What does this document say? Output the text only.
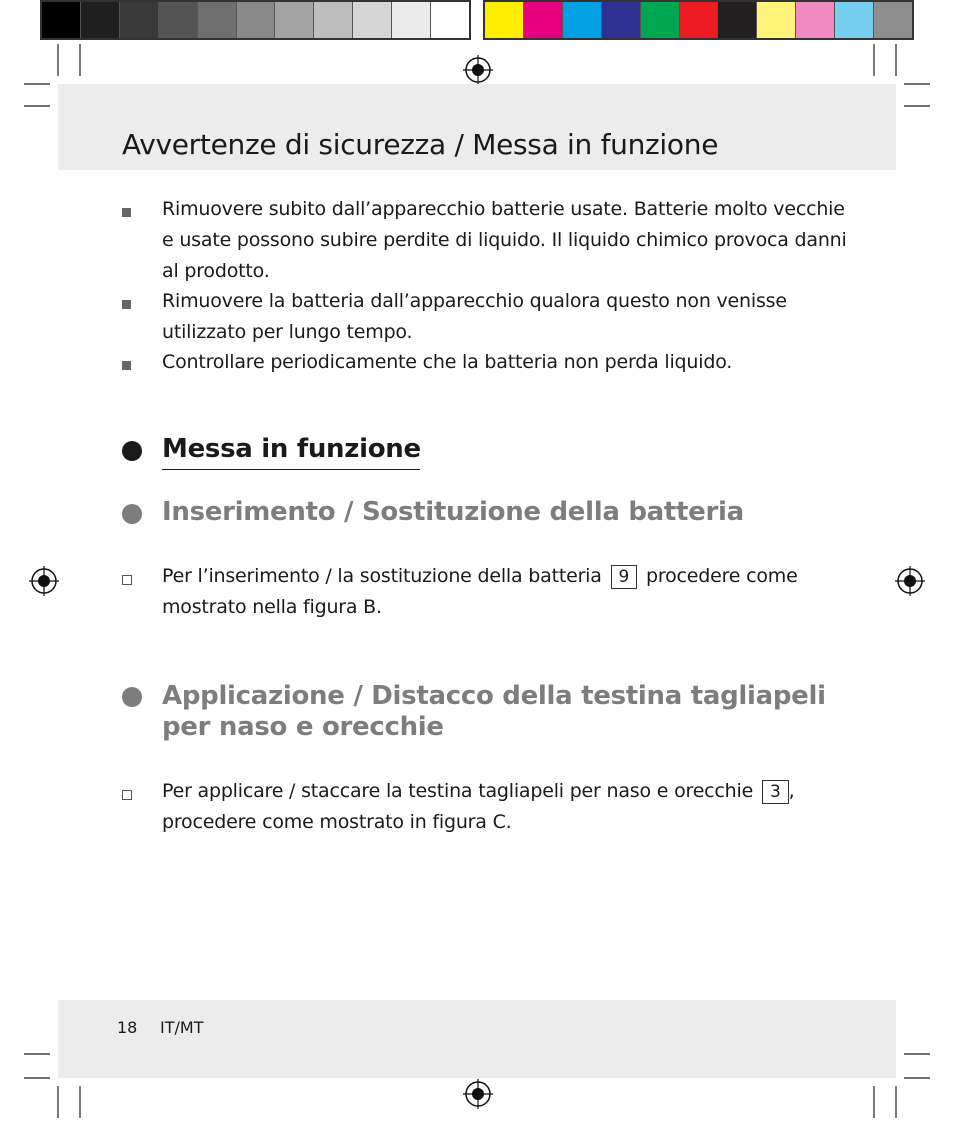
Avvertenze di sicurezza / Messa in funzione
Rimuovere subito dall’apparecchio batterie usate. Batterie molto vecchie e usate possono subire perdite di liquido. Il liquido chimico provoca danni al prodotto.
Rimuovere la batteria dall’apparecchio qualora questo non venisse utilizzato per lungo tempo.
Controllare periodicamente che la batteria non perda liquido.
Messa in funzione
Inserimento / Sostituzione della batteria
Per l’inserimento / la sostituzione della batteria 9 procedere come mostrato nella figura B.
Applicazione / Distacco della testina tagliapeli per naso e orecchie
Per applicare / staccare la testina tagliapeli per naso e orecchie 3 , procedere come mostrato in figura C.
18 IT/MT
